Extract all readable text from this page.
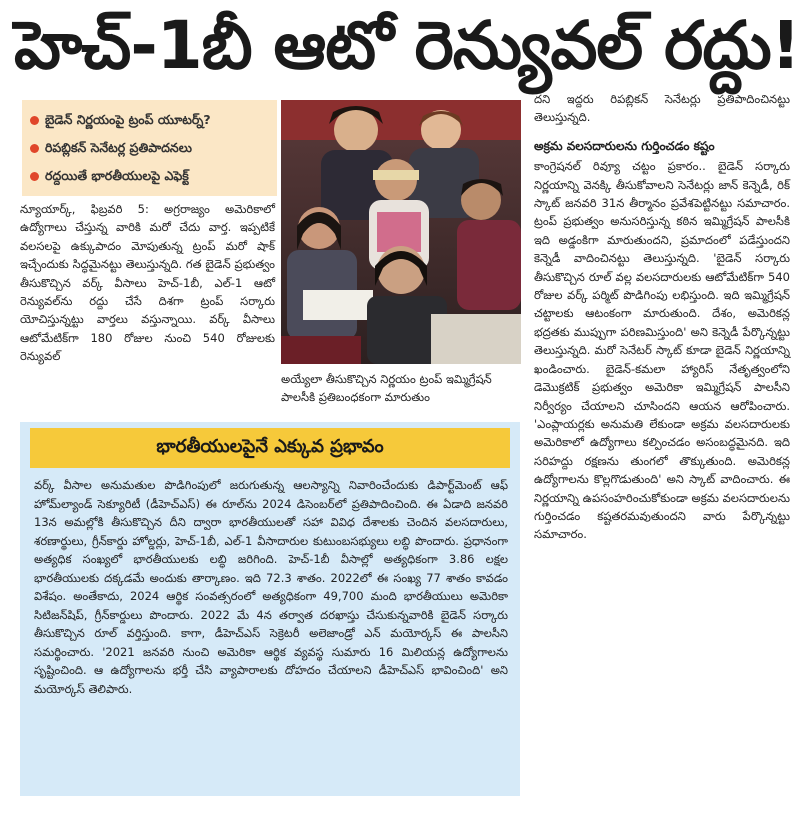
హెచ్-1బీ ఆటో రెన్యువల్ రద్దు!
బైడెన్ నిర్ణయంపై ట్రంప్ యూటర్న్?
రిపబ్లికన్ సెనేటర్ల ప్రతిపాదనలు
రద్దయితే భారతీయులపై ఎఫెక్ట్
అయ్యేలా తీసుకొచ్చిన నిర్ణయం ట్రంప్ ఇమ్మిగ్రేషన్ పాలసీకి ప్రతిబంధకంగా మారుతుం
న్యూయార్క్, ఫిబ్రవరి 5: అగ్రరాజ్యం అమెరికాలో ఉద్యోగాలు చేస్తున్న వారికి మరో చేదు వార్త. ఇప్పటికే వలసలపై ఉక్కుపాదం మోపుతున్న ట్రంప్ మరో షాక్ ఇచ్చేందుకు సిద్ధమైనట్టు తెలుస్తున్నది. గత బైడెన్ ప్రభుత్వం తీసుకొచ్చిన వర్క్ వీసాలు హెచ్-1బీ, ఎల్-1 ఆటో రెన్యువల్‌ను రద్దు చేసే దిశగా ట్రంప్ సర్కారు యోచిస్తున్నట్టు వార్తలు వస్తున్నాయి. వర్క్ వీసాలు ఆటోమేటిక్‌గా 180 రోజుల నుంచి 540 రోజులకు రెన్యువల్
భారతీయులపైనే ఎక్కువ ప్రభావం
వర్క్ వీసాల అనుమతుల పొడిగింపులో జరుగుతున్న ఆలస్యాన్ని నివారించేందుకు డిపార్ట్‌మెంట్ ఆఫ్ హోమ్‌ల్యాండ్ సెక్యూరిటీ (డీహెచ్‌ఎస్) ఈ రూల్‌ను 2024 డిసెంబర్‌లో ప్రతిపాదించింది. ఈ ఏడాది జనవరి 13న అమల్లోకి తీసుకొచ్చిన దీని ద్వారా భారతీయులతో సహా వివిధ దేశాలకు చెందిన వలసదారులు, శరణార్థులు, గ్రీన్‌కార్డు హోల్డర్లు, హెచ్-1బీ, ఎల్-1 వీసాదారుల కుటుంబసభ్యులు లబ్ధి పొందారు. ప్రధానంగా అత్యధిక సంఖ్యలో భారతీయులకు లబ్ధి జరిగింది. హెచ్-1బీ వీసాల్లో అత్యధికంగా 3.86 లక్షల భారతీయులకు దక్కడమే అందుకు తార్కాణం. ఇది 72.3 శాతం. 2022లో ఈ సంఖ్య 77 శాతం కావడం విశేషం. అంతేకాదు, 2024 ఆర్థిక సంవత్సరంలో అత్యధికంగా 49,700 మంది భారతీయులు అమెరికా సిటిజన్‌షిప్, గ్రీన్‌కార్డులు పొందారు. 2022 మే 4న తర్వాత దరఖాస్తు చేసుకున్నవారికి బైడెన్ సర్కారు తీసుకొచ్చిన రూల్ వర్తిస్తుంది. కాగా, డీహెచ్‌ఎస్ సెక్రెటరీ అలెజాండ్రో ఎన్ మయోర్కస్ ఈ పాలసీని సమర్థించారు. '2021 జనవరి నుంచి అమెరికా ఆర్థిక వ్యవస్థ సుమారు 16 మిలియన్ల ఉద్యోగాలను సృష్టించింది. ఆ ఉద్యోగాలను భర్తీ చేసి వ్యాపారాలకు దోహదం చేయాలని డీహెచ్‌ఎస్ భావించింది' అని మయోర్కస్ తెలిపారు.
దని ఇద్దరు రిపబ్లికన్ సెనేటర్లు ప్రతిపాదించినట్టు తెలుస్తున్నది.
అక్రమ వలసదారులను గుర్తించడం కష్టం
కాంగ్రెషనల్ రివ్యూ చట్టం ప్రకారం.. బైడెన్ సర్కారు నిర్ణయాన్ని వెనక్కి తీసుకోవాలని సెనేటర్లు జాన్ కెన్నెడీ, రిక్ స్కాట్ జనవరి 31న తీర్మానం ప్రవేశపెట్టినట్టు సమాచారం. ట్రంప్ ప్రభుత్వం అనుసరిస్తున్న కఠిన ఇమ్మిగ్రేషన్ పాలసీకి ఇది అడ్డంకిగా మారుతుందని, ప్రమాదంలో పడేస్తుందని కెన్నెడీ వాదించినట్టు తెలుస్తున్నది. 'బైడెన్ సర్కారు తీసుకొచ్చిన రూల్ వల్ల వలసదారులకు ఆటోమేటిక్‌గా 540 రోజుల వర్క్ పర్మిట్ పొడిగింపు లభిస్తుంది. ఇది ఇమ్మిగ్రేషన్ చట్టాలకు ఆటంకంగా మారుతుంది. దేశం, అమెరికన్ల భద్రతకు ముప్పుగా పరిణమిస్తుంది' అని కెన్నెడీ పేర్కొన్నట్టు తెలుస్తున్నది. మరో సెనేటర్ స్కాట్ కూడా బైడెన్ నిర్ణయాన్ని ఖండించారు. బైడెన్-కమలా హ్యారిస్ నేతృత్వంలోని డెమొక్రటిక్ ప్రభుత్వం అమెరికా ఇమ్మిగ్రేషన్ పాలసీని నిర్వీర్యం చేయాలని చూసిందని ఆయన ఆరోపించారు. 'ఎంప్లాయర్లకు అనుమతి లేకుండా అక్రమ వలసదారులకు అమెరికాలో ఉద్యోగాలు కల్పించడం అసంబద్ధమైనది. ఇది సరిహద్దు రక్షణను తుంగలో తొక్కుతుంది. అమెరికన్ల ఉద్యోగాలను కొల్లగొడుతుంది' అని స్కాట్ వాదించారు. ఈ నిర్ణయాన్ని ఉపసంహరించుకోకుండా అక్రమ వలసదారులను గుర్తించడం కష్టతరమవుతుందని వారు పేర్కొన్నట్టు సమాచారం.
